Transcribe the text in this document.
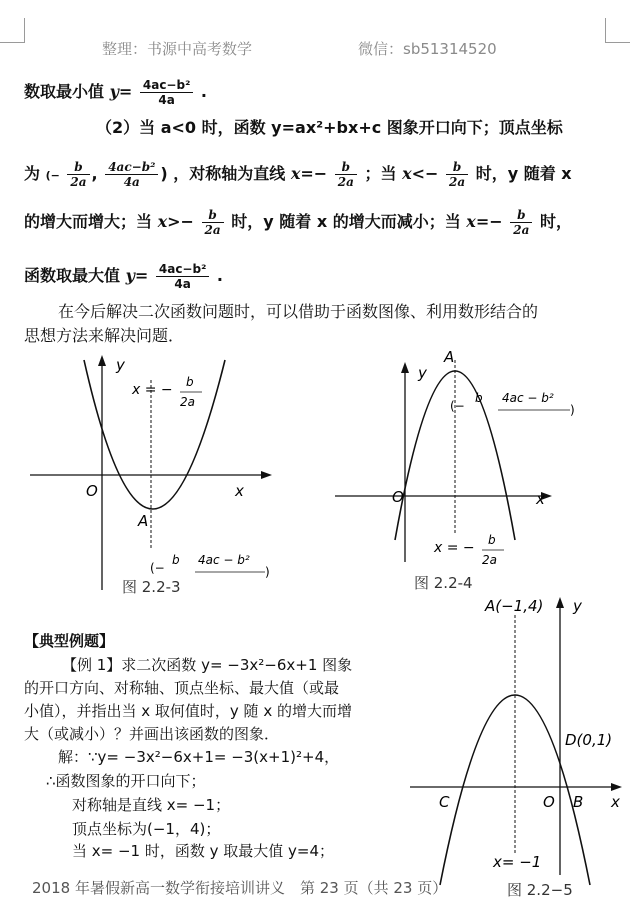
整理：书源中高考数学	微信：sb51314520
数取最小值 $y= \frac{\text{4ac−b²}}{4a}$ .
（2）当 a<0 时，函数 y=ax²+bx+c 图象开口向下；顶点坐标
为 (− $\frac{b}{2a}$ , $\frac{\text{4ac−b²}}{4a}$ ) ，对称轴为直线 $x=- \frac{b}{2a}$ ；当 $x<- \frac{b}{2a}$ 时，y 随着 x
的增大而增大；当 $x>- \frac{b}{2a}$ 时，y 随着 x 的增大而减小；当 $x=- \frac{b}{2a}$ 时，
函数取最大值 $y= \frac{\text{4ac−b²}}{4a}$ .
在今后解决二次函数问题时，可以借助于函数图像、利用数形结合的
思想方法来解决问题．
y
x
O
A
x = − b
2a
(−
b 4ac − b²
)
图 2.2-3
A
y
x
O
(−
b 4ac − b²
)
x = − b
2a
图 2.2-4
【典型例题】
【例 1】求二次函数 y= −3x²−6x+1 图象
的开口方向、对称轴、顶点坐标、最大值（或最
小值），并指出当 x 取何值时，y 随 x 的增大而增
大（或减小）？并画出该函数的图象．
解：∵y= −3x²−6x+1= −3(x+1)²+4，
∴函数图象的开口向下；
对称轴是直线 x= −1；
顶点坐标为(−1，4)；
当 x= −1 时，函数 y 取最大值 y=4；
A(−1,4) y
D(0,1)
C	O B x
x= −1
图 2.2−5
2018 年暑假新高一数学衔接培训讲义　第 23 页（共 23 页）
